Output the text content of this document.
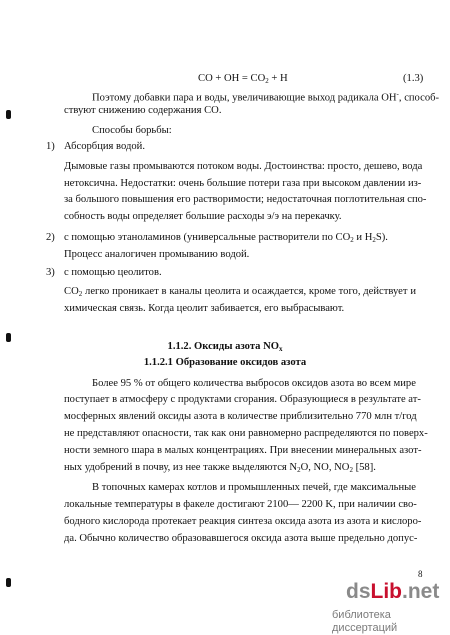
CO + OH = $CO_2 + H$	(1.3)
Поэтому добавки пара и воды, увеличивающие выход радикала OH-, способ-
ствуют снижению содержания CO.
Способы борьбы:
1) Абсорбция водой.
Дымовые газы промываются потоком воды. Достоинства: просто, дешево, вода
нетоксична. Недостатки: очень большие потери газа при высоком давлении из-
за большого повышения его растворимости; недостаточная поглотительная спо-
собность воды определяет большие расходы э/э на перекачку.
2) с помощью этаноламинов (универсальные растворители по $CO_2$ и $H_2S$).
Процесс аналогичен промыванию водой.
3) с помощью цеолитов.
$CO_2$ легко проникает в каналы цеолита и осаждается, кроме того, действует и
химическая связь. Когда цеолит забивается, его выбрасывают.
1.1.2. Оксиды азота $NO_x$
1.1.2.1 Образование оксидов азота
Более 95 % от общего количества выбросов оксидов азота во всем мире
поступает в атмосферу с продуктами сгорания. Образующиеся в результате ат-
мосферных явлений оксиды азота в количестве приблизительно 770 млн т/год
не представляют опасности, так как они равномерно распределяются по поверх-
ности земного шара в малых концентрациях. При внесении минеральных азот-
ных удобрений в почву, из нее также выделяются $N_2O$, NO, $NO_2$ [58].
В топочных камерах котлов и промышленных печей, где максимальные
локальные температуры в факеле достигают 2100— 2200 K, при наличии сво-
бодного кислорода протекает реакция синтеза оксида азота из азота и кислоро-
да. Обычно количество образовавшегося оксида азота выше предельно допус-
8
dsLib.net
библиотека диссертаций
